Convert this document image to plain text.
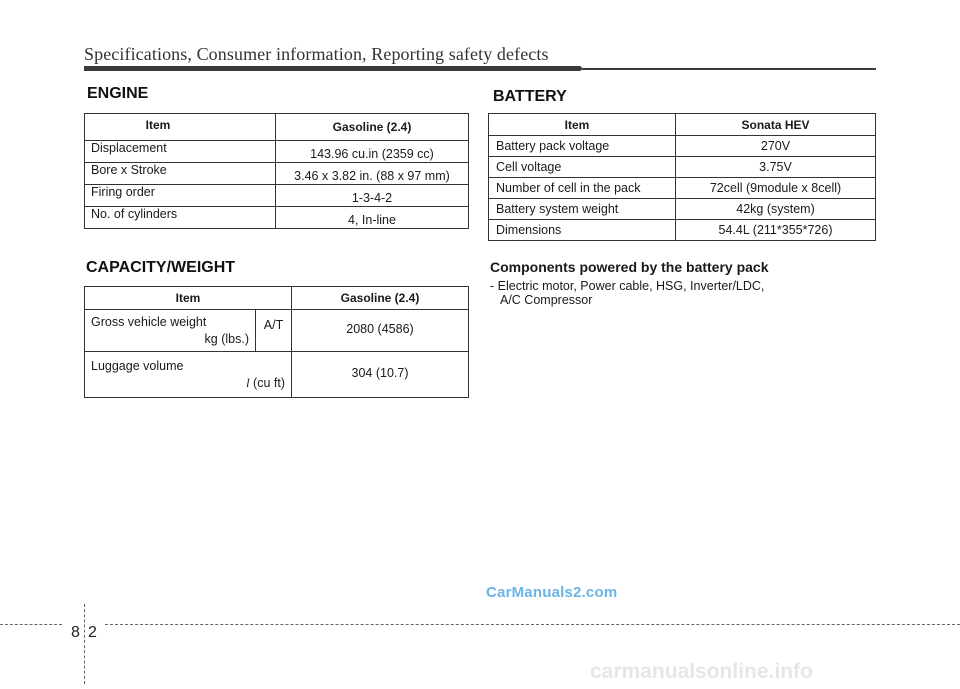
Specifications, Consumer information, Reporting safety defects
ENGINE
Item	Gasoline (2.4)
Displacement	143.96 cu.in (2359 cc)
Bore x Stroke	3.46 x 3.82 in. (88 x 97 mm)
Firing order	1-3-4-2
No. of cylinders	4, In-line
CAPACITY/WEIGHT
Item		Gasoline (2.4)

Gross vehicle weight
kg (lbs.)	A/T	2080 (4586)

Luggage volume
l (cu ft)		304 (10.7)
BATTERY
Item	Sonata HEV
Battery pack voltage	270V
Cell voltage	3.75V
Number of cell in the pack	72cell (9module x 8cell)
Battery system weight	42kg (system)
Dimensions	54.4L (211*355*726)
Components powered by the battery pack
- Electric motor, Power cable, HSG, Inverter/LDC,
A/C Compressor
CarManuals2.com
carmanualsonline.info
8 2
